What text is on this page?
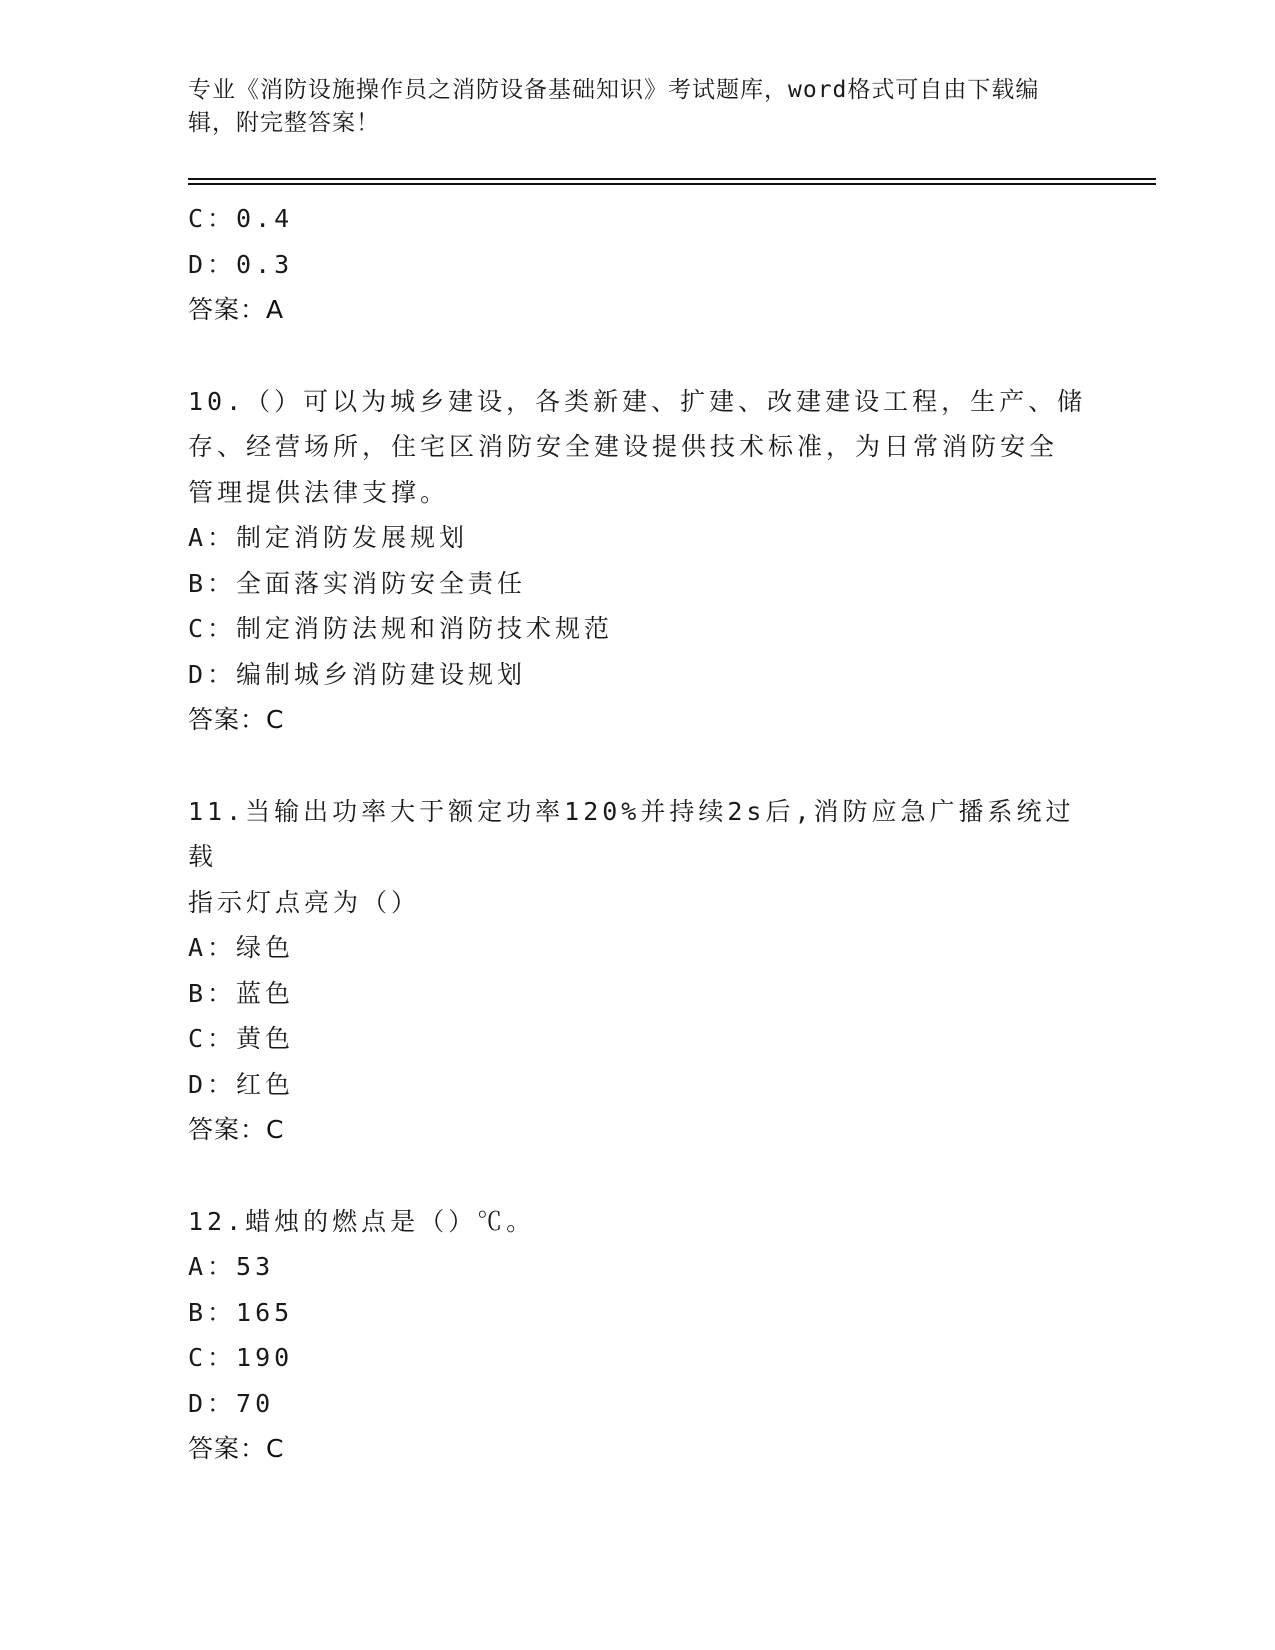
专业《消防设施操作员之消防设备基础知识》考试题库，word格式可自由下载编辑，附完整答案！
C：0.4
D：0.3
答案：A
10.（）可以为城乡建设，各类新建、扩建、改建建设工程，生产、储
存、经营场所，住宅区消防安全建设提供技术标准，为日常消防安全
管理提供法律支撑。
A：制定消防发展规划
B：全面落实消防安全责任
C：制定消防法规和消防技术规范
D：编制城乡消防建设规划
答案：C
11.当输出功率大于额定功率120%并持续2s后,消防应急广播系统过载
指示灯点亮为（）
A：绿色
B：蓝色
C：黄色
D：红色
答案：C
12.蜡烛的燃点是（）℃。
A：53
B：165
C：190
D：70
答案：C
